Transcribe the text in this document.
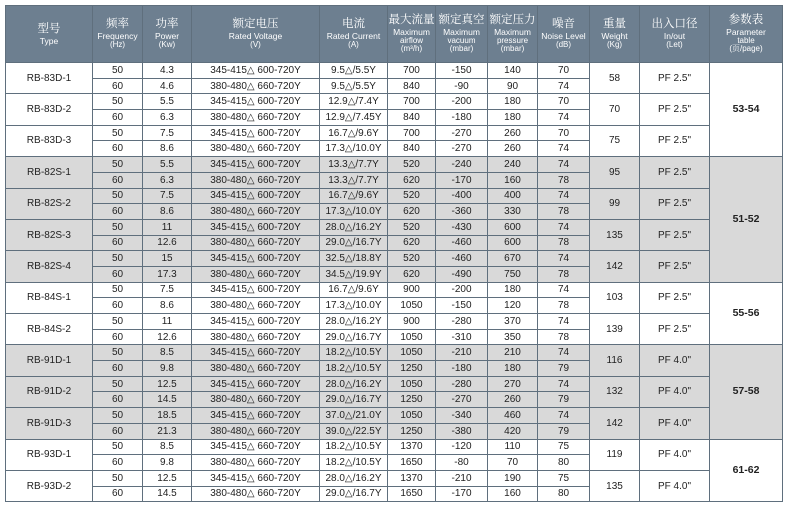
型号
Type	频率
Frequency
(Hz)	功率
Power
(Kw)	额定电压
Rated Voltage
(V)	电流
Rated Current
(A)	最大流量
Maximum
airflow
(m³/h)	额定真空
Maximum
vacuum
(mbar)	额定压力
Maximum
pressure
(mbar)	噪音
Noise Level
(dB)	重量
Weight
(Kg)	出入口径
In/out
(Let)	参数表
Parameter
table
(页/page)

RB-83D-1	50	4.3	345-415△ 600-720Y	9.5△/5.5Y	700	-150	140	70	58	PF 2.5"	53-54
	60	4.6	380-480△ 660-720Y	9.5△/5.5Y	840	-90	90	74			
RB-83D-2	50	5.5	345-415△ 600-720Y	12.9△/7.4Y	700	-200	180	70	70	PF 2.5"	
	60	6.3	380-480△ 660-720Y	12.9△/7.45Y	840	-180	180	74			
RB-83D-3	50	7.5	345-415△ 600-720Y	16.7△/9.6Y	700	-270	260	70	75	PF 2.5"	
	60	8.6	380-480△ 660-720Y	17.3△/10.0Y	840	-270	260	74			
RB-82S-1	50	5.5	345-415△ 600-720Y	13.3△/7.7Y	520	-240	240	74	95	PF 2.5"	51-52
	60	6.3	380-480△ 660-720Y	13.3△/7.7Y	620	-170	160	78			
RB-82S-2	50	7.5	345-415△ 600-720Y	16.7△/9.6Y	520	-400	400	74	99	PF 2.5"	
	60	8.6	380-480△ 660-720Y	17.3△/10.0Y	620	-360	330	78			
RB-82S-3	50	11	345-415△ 600-720Y	28.0△/16.2Y	520	-430	600	74	135	PF 2.5"	
	60	12.6	380-480△ 660-720Y	29.0△/16.7Y	620	-460	600	78			
RB-82S-4	50	15	345-415△ 600-720Y	32.5△/18.8Y	520	-460	670	74	142	PF 2.5"	
	60	17.3	380-480△ 660-720Y	34.5△/19.9Y	620	-490	750	78			
RB-84S-1	50	7.5	345-415△ 600-720Y	16.7△/9.6Y	900	-200	180	74	103	PF 2.5"	55-56
	60	8.6	380-480△ 660-720Y	17.3△/10.0Y	1050	-150	120	78			
RB-84S-2	50	11	345-415△ 600-720Y	28.0△/16.2Y	900	-280	370	74	139	PF 2.5"	
	60	12.6	380-480△ 660-720Y	29.0△/16.7Y	1050	-310	350	78			
RB-91D-1	50	8.5	345-415△ 660-720Y	18.2△/10.5Y	1050	-210	210	74	116	PF 4.0"	57-58
	60	9.8	380-480△ 660-720Y	18.2△/10.5Y	1250	-180	180	79			
RB-91D-2	50	12.5	345-415△ 660-720Y	28.0△/16.2Y	1050	-280	270	74	132	PF 4.0"	
	60	14.5	380-480△ 660-720Y	29.0△/16.7Y	1250	-270	260	79			
RB-91D-3	50	18.5	345-415△ 660-720Y	37.0△/21.0Y	1050	-340	460	74	142	PF 4.0"	
	60	21.3	380-480△ 660-720Y	39.0△/22.5Y	1250	-380	420	79			
RB-93D-1	50	8.5	345-415△ 660-720Y	18.2△/10.5Y	1370	-120	110	75	119	PF 4.0"	61-62
	60	9.8	380-480△ 660-720Y	18.2△/10.5Y	1650	-80	70	80			
RB-93D-2	50	12.5	345-415△ 660-720Y	28.0△/16.2Y	1370	-210	190	75	135	PF 4.0"	
	60	14.5	380-480△ 660-720Y	29.0△/16.7Y	1650	-170	160	80			
